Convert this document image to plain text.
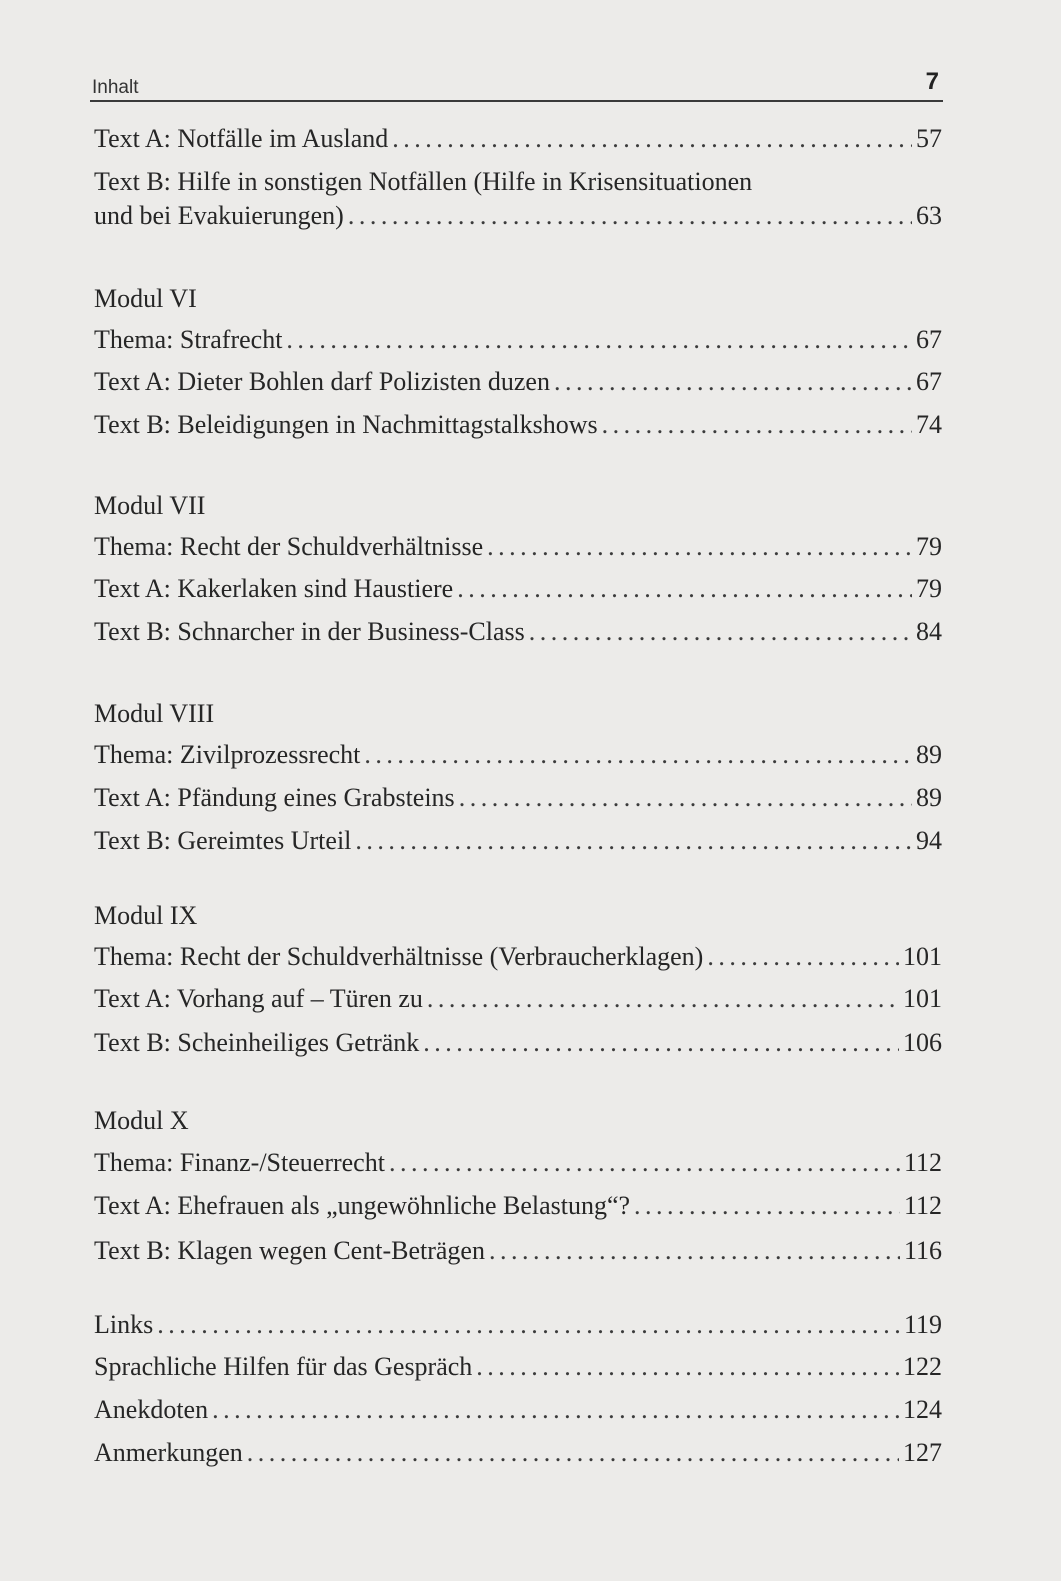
Inhalt	7
Text A: Notfälle im Ausland . . .	57
Text B: Hilfe in sonstigen Notfällen (Hilfe in Krisensituationen
und bei Evakuierungen) . . .	63
Modul VI
Thema: Strafrecht . . .	67
Text A: Dieter Bohlen darf Polizisten duzen . . .	67
Text B: Beleidigungen in Nachmittagstalkshows . . .	74
Modul VII
Thema: Recht der Schuldverhältnisse . . .	79
Text A: Kakerlaken sind Haustiere . . .	79
Text B: Schnarcher in der Business-Class . . .	84
Modul VIII
Thema: Zivilprozessrecht . . .	89
Text A: Pfändung eines Grabsteins . . .	89
Text B: Gereimtes Urteil . . .	94
Modul IX
Thema: Recht der Schuldverhältnisse (Verbraucherklagen) . . .	101
Text A: Vorhang auf – Türen zu . . .	101
Text B: Scheinheiliges Getränk . . .	106
Modul X
Thema: Finanz-/Steuerrecht . . .	112
Text A: Ehefrauen als „ungewöhnliche Belastung“? . . .	112
Text B: Klagen wegen Cent-Beträgen . . .	116
Links . . .	119
Sprachliche Hilfen für das Gespräch . . .	122
Anekdoten . . .	124
Anmerkungen . . .	127
